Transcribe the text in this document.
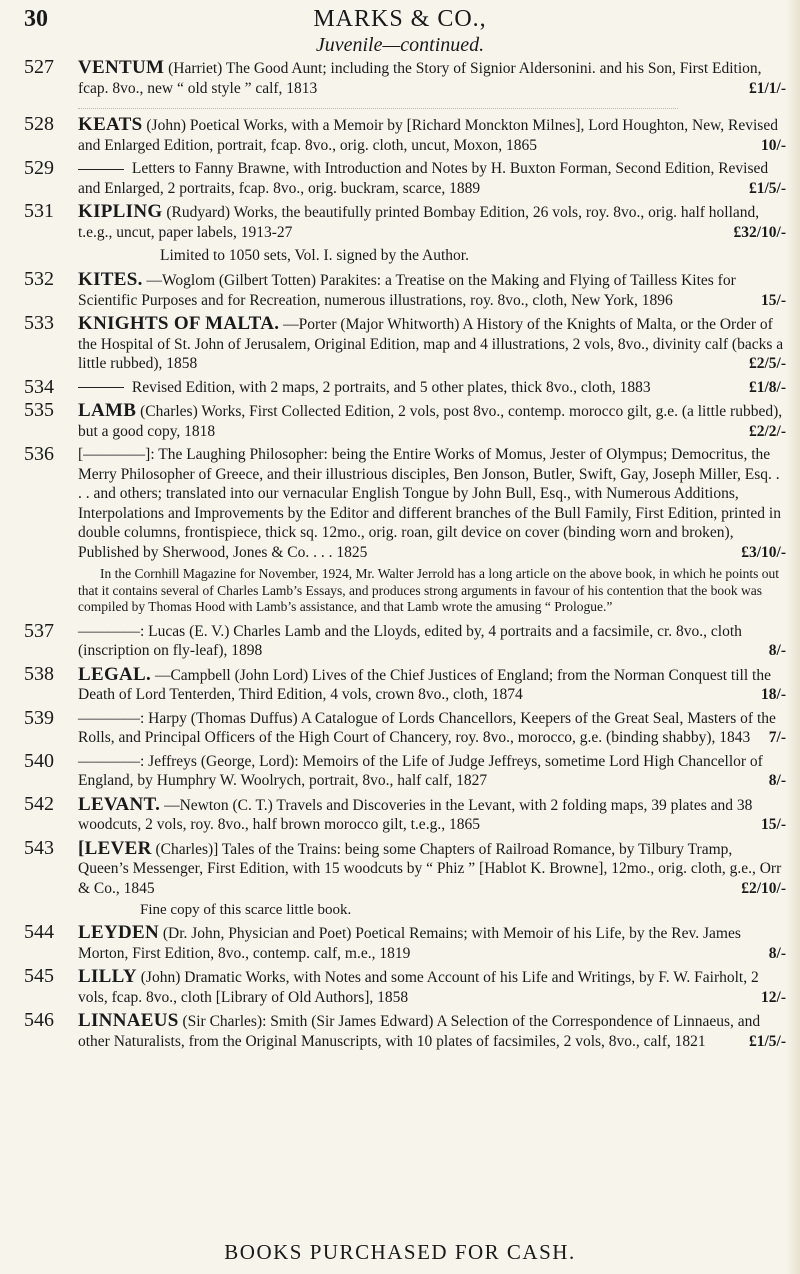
30	MARKS & CO.,
Juvenile—continued.
527 VENTUM (Harriet) The Good Aunt; including the Story of Signior Aldersonini. and his Son, First Edition, fcap. 8vo., new “ old style ” calf, 1813	£1/1/-
528 KEATS (John) Poetical Works, with a Memoir by [Richard Monckton Milnes], Lord Houghton, New, Revised and Enlarged Edition, portrait, fcap. 8vo., orig. cloth, uncut, Moxon, 1865	10/-
529	Letters to Fanny Brawne, with Introduction and Notes by H. Buxton Forman, Second Edition, Revised and Enlarged, 2 portraits, fcap. 8vo., orig. buckram, scarce, 1889	£1/5/-
531 KIPLING (Rudyard) Works, the beautifully printed Bombay Edition, 26 vols, roy. 8vo., orig. half holland, t.e.g., uncut, paper labels, 1913-27	£32/10/-
Limited to 1050 sets, Vol. I. signed by the Author.
532 KITES. —Woglom (Gilbert Totten) Parakites: a Treatise on the Making and Flying of Tailless Kites for Scientific Purposes and for Recreation, numerous illustrations, roy. 8vo., cloth, New York, 1896	15/-
533 KNIGHTS OF MALTA. —Porter (Major Whitworth) A History of the Knights of Malta, or the Order of the Hospital of St. John of Jerusalem, Original Edition, map and 4 illustrations, 2 vols, 8vo., divinity calf (backs a little rubbed), 1858	£2/5/-
534	Revised Edition, with 2 maps, 2 portraits, and 5 other plates, thick 8vo., cloth, 1883	£1/8/-
535 LAMB (Charles) Works, First Collected Edition, 2 vols, post 8vo., contemp. morocco gilt, g.e. (a little rubbed), but a good copy, 1818	£2/2/-
536 [————]: The Laughing Philosopher: being the Entire Works of Momus, Jester of Olympus; Democritus, the Merry Philosopher of Greece, and their illustrious disciples, Ben Jonson, Butler, Swift, Gay, Joseph Miller, Esq. . . . and others; translated into our vernacular English Tongue by John Bull, Esq., with Numerous Additions, Interpolations and Improvements by the Editor and different branches of the Bull Family, First Edition, printed in double columns, frontispiece, thick sq. 12mo., orig. roan, gilt device on cover (binding worn and broken), Published by Sherwood, Jones & Co. . . . 1825	£3/10/-
In the Cornhill Magazine for November, 1924, Mr. Walter Jerrold has a long article on the above book, in which he points out that it contains several of Charles Lamb’s Essays, and produces strong arguments in favour of his contention that the book was compiled by Thomas Hood with Lamb’s assistance, and that Lamb wrote the amusing “ Prologue.”
537 ————: Lucas (E. V.) Charles Lamb and the Lloyds, edited by, 4 portraits and a facsimile, cr. 8vo., cloth (inscription on fly-leaf), 1898	8/-
538 LEGAL. —Campbell (John Lord) Lives of the Chief Justices of England; from the Norman Conquest till the Death of Lord Tenterden, Third Edition, 4 vols, crown 8vo., cloth, 1874	18/-
539 ————: Harpy (Thomas Duffus) A Catalogue of Lords Chancellors, Keepers of the Great Seal, Masters of the Rolls, and Principal Officers of the High Court of Chancery, roy. 8vo., morocco, g.e. (binding shabby), 1843 7/-
540 ————: Jeffreys (George, Lord): Memoirs of the Life of Judge Jeffreys, sometime Lord High Chancellor of England, by Humphry W. Woolrych, portrait, 8vo., half calf, 1827	8/-
542 LEVANT. —Newton (C. T.) Travels and Discoveries in the Levant, with 2 folding maps, 39 plates and 38 woodcuts, 2 vols, roy. 8vo., half brown morocco gilt, t.e.g., 1865	15/-
543 [LEVER (Charles)] Tales of the Trains: being some Chapters of Railroad Romance, by Tilbury Tramp, Queen’s Messenger, First Edition, with 15 woodcuts by “ Phiz ” [Hablot K. Browne], 12mo., orig. cloth, g.e., Orr & Co., 1845	£2/10/-
Fine copy of this scarce little book.
544 LEYDEN (Dr. John, Physician and Poet) Poetical Remains; with Memoir of his Life, by the Rev. James Morton, First Edition, 8vo., contemp. calf, m.e., 1819	8/-
545 LILLY (John) Dramatic Works, with Notes and some Account of his Life and Writings, by F. W. Fairholt, 2 vols, fcap. 8vo., cloth [Library of Old Authors], 1858	12/-
546 LINNAEUS (Sir Charles): Smith (Sir James Edward) A Selection of the Correspondence of Linnaeus, and other Naturalists, from the Original Manuscripts, with 10 plates of facsimiles, 2 vols, 8vo., calf, 1821	£1/5/-
BOOKS PURCHASED FOR CASH.
